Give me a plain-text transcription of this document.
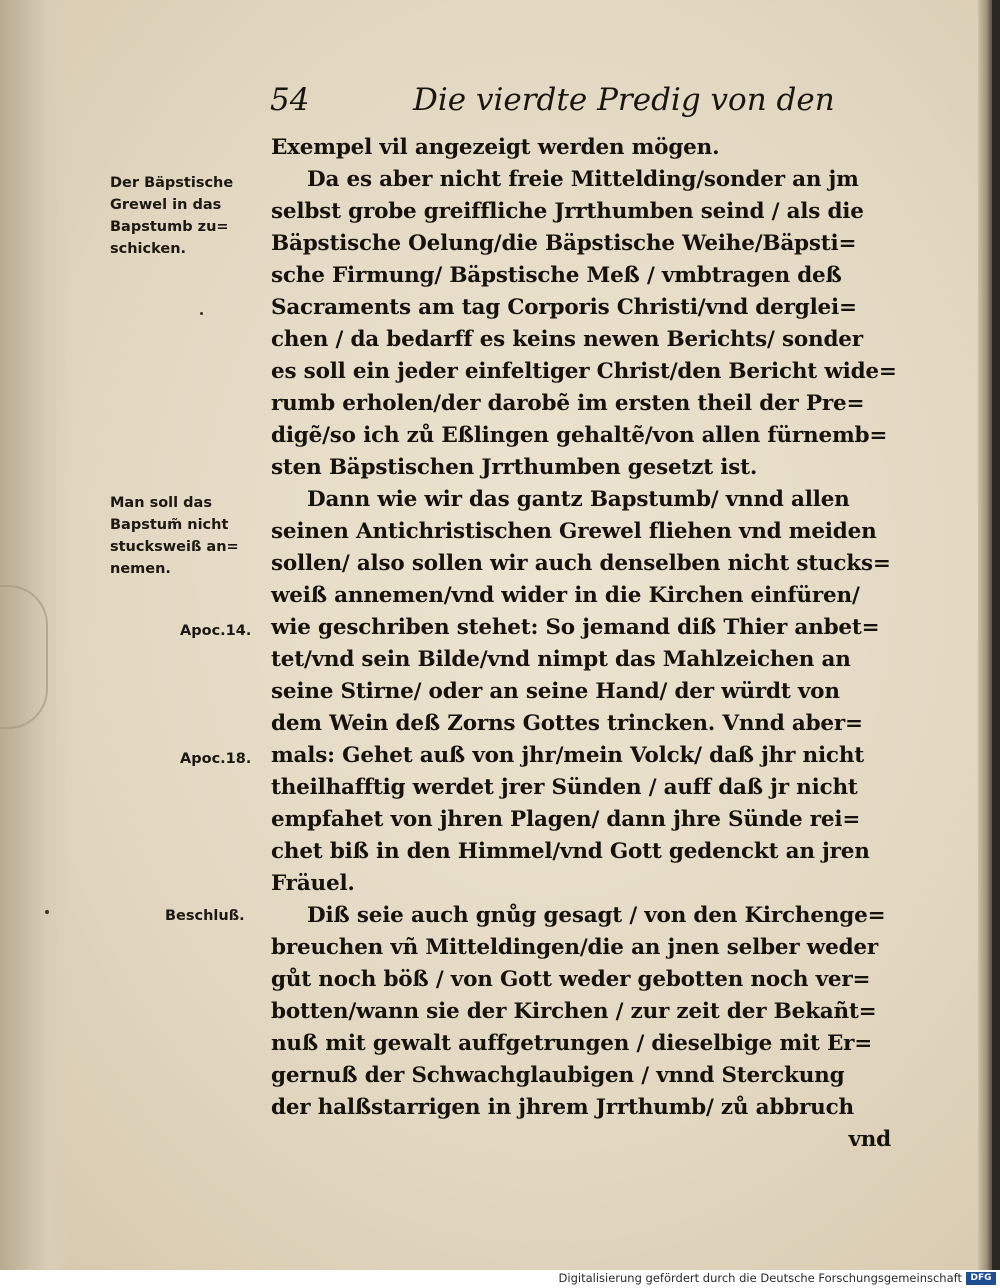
54	Die vierdte Predig von den
Der Bäpstische
Grewel in das
Bapstumb zu=
schicken.
Man soll das
Bapstum̃ nicht
stucksweiß an=
nemen.
Apoc.14.
Apoc.18.
Beschluß.
Exempel vil angezeigt werden mögen.
Da es aber nicht freie Mittelding/sonder an jm
selbst grobe greiffliche Jrrthumben seind / als die
Bäpstische Oelung/die Bäpstische Weihe/Bäpsti=
sche Firmung/ Bäpstische Meß / vmbtragen deß
Sacraments am tag Corporis Christi/vnd derglei=
chen / da bedarff es keins newen Berichts/ sonder
es soll ein jeder einfeltiger Christ/den Bericht wide=
rumb erholen/der darobẽ im ersten theil der Pre=
digẽ/so ich zů Eßlingen gehaltẽ/von allen fürnemb=
sten Bäpstischen Jrrthumben gesetzt ist.
Dann wie wir das gantz Bapstumb/ vnnd allen
seinen Antichristischen Grewel fliehen vnd meiden
sollen/ also sollen wir auch denselben nicht stucks=
weiß annemen/vnd wider in die Kirchen einfüren/
wie geschriben stehet: So jemand diß Thier anbet=
tet/vnd sein Bilde/vnd nimpt das Mahlzeichen an
seine Stirne/ oder an seine Hand/ der würdt von
dem Wein deß Zorns Gottes trincken. Vnnd aber=
mals: Gehet auß von jhr/mein Volck/ daß jhr nicht
theilhafftig werdet jrer Sünden / auff daß jr nicht
empfahet von jhren Plagen/ dann jhre Sünde rei=
chet biß in den Himmel/vnd Gott gedenckt an jren
Fräuel.
Diß seie auch gnůg gesagt / von den Kirchenge=
breuchen vñ Mitteldingen/die an jnen selber weder
gůt noch böß / von Gott weder gebotten noch ver=
botten/wann sie der Kirchen / zur zeit der Bekañt=
nuß mit gewalt auffgetrungen / dieselbige mit Er=
gernuß der Schwachglaubigen / vnnd Sterckung
der halßstarrigen in jhrem Jrrthumb/ zů abbruch
vnd
Digitalisierung gefördert durch die Deutsche Forschungsgemeinschaft DFG
